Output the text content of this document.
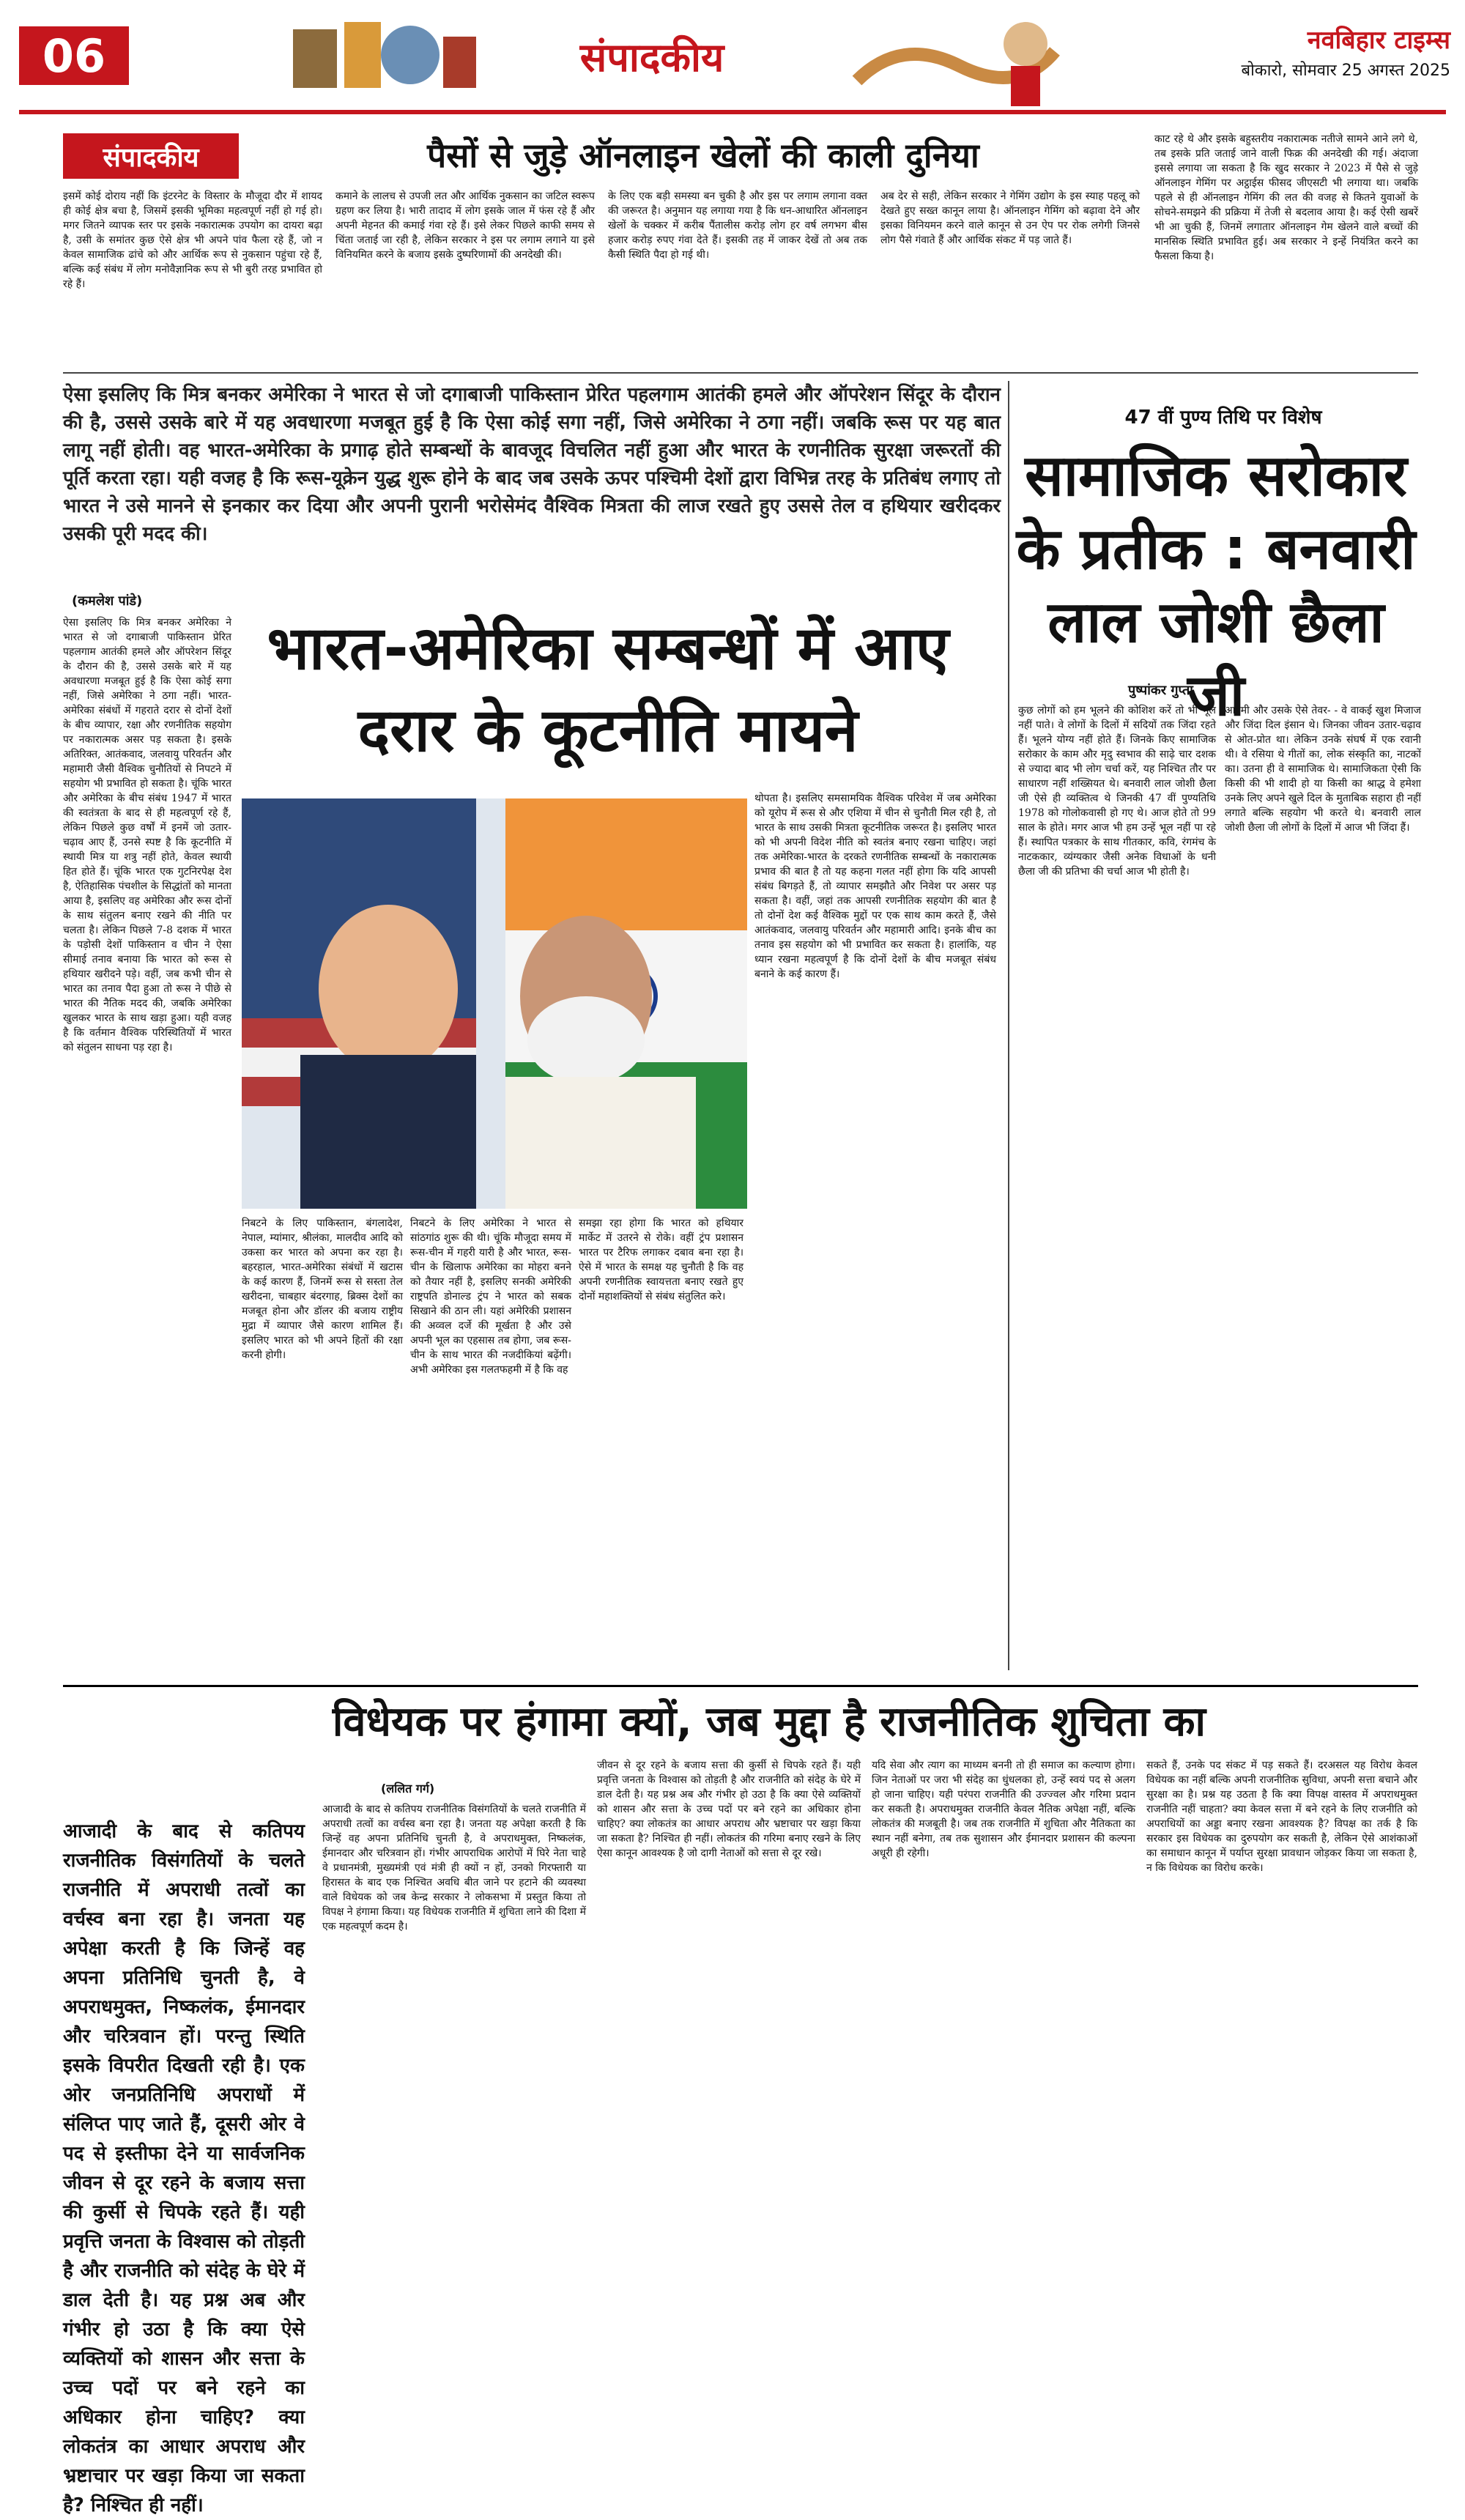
06	संपादकीय	नवबिहार टाइम्स
बोकारो, सोमवार 25 अगस्त 2025
संपादकीय	पैसों से जुड़े ऑनलाइन खेलों की काली दुनिया
इसमें कोई दोराय नहीं कि इंटरनेट के विस्तार के मौजूदा दौर में शायद ही कोई क्षेत्र बचा है, जिसमें इसकी भूमिका महत्वपूर्ण नहीं हो गई हो। मगर जितने व्यापक स्तर पर इसके नकारात्मक उपयोग का दायरा बढ़ा है, उसी के समांतर कुछ ऐसे क्षेत्र भी अपने पांव फैला रहे हैं, जो न केवल सामाजिक ढांचे को और आर्थिक रूप से नुकसान पहुंचा रहे हैं, बल्कि कई संबंध में लोग मनोवैज्ञानिक रूप से भी बुरी तरह प्रभावित हो रहे हैं।
कमाने के लालच से उपजी लत और आर्थिक नुकसान का जटिल स्वरूप ग्रहण कर लिया है। भारी तादाद में लोग इसके जाल में फंस रहे हैं और अपनी मेहनत की कमाई गंवा रहे हैं। इसे लेकर पिछले काफी समय से चिंता जताई जा रही है, लेकिन सरकार ने इस पर लगाम लगाने या इसे विनियमित करने के बजाय इसके दुष्परिणामों की अनदेखी की।
के लिए एक बड़ी समस्या बन चुकी है और इस पर लगाम लगाना वक्त की जरूरत है। अनुमान यह लगाया गया है कि धन-आधारित ऑनलाइन खेलों के चक्कर में करीब पैंतालीस करोड़ लोग हर वर्ष लगभग बीस हजार करोड़ रुपए गंवा देते हैं। इसकी तह में जाकर देखें तो अब तक कैसी स्थिति पैदा हो गई थी।
अब देर से सही, लेकिन सरकार ने गेमिंग उद्योग के इस स्याह पहलू को देखते हुए सख्त कानून लाया है। ऑनलाइन गेमिंग को बढ़ावा देने और इसका विनियमन करने वाले कानून से उन ऐप पर रोक लगेगी जिनसे लोग पैसे गंवाते हैं और आर्थिक संकट में पड़ जाते हैं।
काट रहे थे और इसके बहुस्तरीय नकारात्मक नतीजे सामने आने लगे थे, तब इसके प्रति जताई जाने वाली फिक्र की अनदेखी की गई। अंदाजा इससे लगाया जा सकता है कि खुद सरकार ने 2023 में पैसे से जुड़े ऑनलाइन गेमिंग पर अट्ठाईस फीसद जीएसटी भी लगाया था। जबकि पहले से ही ऑनलाइन गेमिंग की लत की वजह से कितने युवाओं के सोचने-समझने की प्रक्रिया में तेजी से बदलाव आया है। कई ऐसी खबरें भी आ चुकी हैं, जिनमें लगातार ऑनलाइन गेम खेलने वाले बच्चों की मानसिक स्थिति प्रभावित हुई। अब सरकार ने इन्हें नियंत्रित करने का फैसला किया है।
ऐसा इसलिए कि मित्र बनकर अमेरिका ने भारत से जो दगाबाजी पाकिस्तान प्रेरित पहलगाम आतंकी हमले और ऑपरेशन सिंदूर के दौरान की है, उससे उसके बारे में यह अवधारणा मजबूत हुई है कि ऐसा कोई सगा नहीं, जिसे अमेरिका ने ठगा नहीं। जबकि रूस पर यह बात लागू नहीं होती। वह भारत-अमेरिका के प्रगाढ़ होते सम्बन्धों के बावजूद विचलित नहीं हुआ और भारत के रणनीतिक सुरक्षा जरूरतों की पूर्ति करता रहा। यही वजह है कि रूस-यूक्रेन युद्ध शुरू होने के बाद जब उसके ऊपर पश्चिमी देशों द्वारा विभिन्न तरह के प्रतिबंध लगाए तो भारत ने उसे मानने से इनकार कर दिया और अपनी पुरानी भरोसेमंद वैश्विक मित्रता की लाज रखते हुए उससे तेल व हथियार खरीदकर उसकी पूरी मदद की।
(कमलेश पांडे)
भारत-अमेरिका सम्बन्धों में आए दरार के कूटनीति मायने
ऐसा इसलिए कि मित्र बनकर अमेरिका ने भारत से जो दगाबाजी पाकिस्तान प्रेरित पहलगाम आतंकी हमले और ऑपरेशन सिंदूर के दौरान की है, उससे उसके बारे में यह अवधारणा मजबूत हुई है कि ऐसा कोई सगा नहीं, जिसे अमेरिका ने ठगा नहीं। भारत-अमेरिका संबंधों में गहराते दरार से दोनों देशों के बीच व्यापार, रक्षा और रणनीतिक सहयोग पर नकारात्मक असर पड़ सकता है। इसके अतिरिक्त, आतंकवाद, जलवायु परिवर्तन और महामारी जैसी वैश्विक चुनौतियों से निपटने में सहयोग भी प्रभावित हो सकता है। चूंकि भारत और अमेरिका के बीच संबंध 1947 में भारत की स्वतंत्रता के बाद से ही महत्वपूर्ण रहे हैं, लेकिन पिछले कुछ वर्षों में इनमें जो उतार-चढ़ाव आए हैं, उनसे स्पष्ट है कि कूटनीति में स्थायी मित्र या शत्रु नहीं होते, केवल स्थायी हित होते हैं। चूंकि भारत एक गुटनिरपेक्ष देश है, ऐतिहासिक पंचशील के सिद्धांतों को मानता आया है, इसलिए वह अमेरिका और रूस दोनों के साथ संतुलन बनाए रखने की नीति पर चलता है। लेकिन पिछले 7-8 दशक में भारत के पड़ोसी देशों पाकिस्तान व चीन ने ऐसा सीमाई तनाव बनाया कि भारत को रूस से हथियार खरीदने पड़े। वहीं, जब कभी चीन से भारत का तनाव पैदा हुआ तो रूस ने पीछे से भारत की नैतिक मदद की, जबकि अमेरिका खुलकर भारत के साथ खड़ा हुआ। यही वजह है कि वर्तमान वैश्विक परिस्थितियों में भारत को संतुलन साधना पड़ रहा है।
निबटने के लिए पाकिस्तान, बंगलादेश, नेपाल, म्यांमार, श्रीलंका, मालदीव आदि को उकसा कर भारत को अपना कर रहा है। बहरहाल, भारत-अमेरिका संबंधों में खटास के कई कारण हैं, जिनमें रूस से सस्ता तेल खरीदना, चाबहार बंदरगाह, ब्रिक्स देशों का मजबूत होना और डॉलर की बजाय राष्ट्रीय मुद्रा में व्यापार जैसे कारण शामिल हैं। इसलिए भारत को भी अपने हितों की रक्षा करनी होगी।
निबटने के लिए अमेरिका ने भारत से सांठगांठ शुरू की थी। चूंकि मौजूदा समय में रूस-चीन में गहरी यारी है और भारत, रूस-चीन के खिलाफ अमेरिका का मोहरा बनने को तैयार नहीं है, इसलिए सनकी अमेरिकी राष्ट्रपति डोनाल्ड ट्रंप ने भारत को सबक सिखाने की ठान ली। यहां अमेरिकी प्रशासन की अव्वल दर्जे की मूर्खता है और उसे अपनी भूल का एहसास तब होगा, जब रूस-चीन के साथ भारत की नजदीकियां बढ़ेंगी। अभी अमेरिका इस गलतफहमी में है कि वह
समझा रहा होगा कि भारत को हथियार मार्केट में उतरने से रोके। वहीं ट्रंप प्रशासन भारत पर टैरिफ लगाकर दबाव बना रहा है। ऐसे में भारत के समक्ष यह चुनौती है कि वह अपनी रणनीतिक स्वायत्तता बनाए रखते हुए दोनों महाशक्तियों से संबंध संतुलित करे।
थोपता है। इसलिए समसामयिक वैश्विक परिवेश में जब अमेरिका को यूरोप में रूस से और एशिया में चीन से चुनौती मिल रही है, तो भारत के साथ उसकी मित्रता कूटनीतिक जरूरत है। इसलिए भारत को भी अपनी विदेश नीति को स्वतंत्र बनाए रखना चाहिए। जहां तक अमेरिका-भारत के दरकते रणनीतिक सम्बन्धों के नकारात्मक प्रभाव की बात है तो यह कहना गलत नहीं होगा कि यदि आपसी संबंध बिगड़ते हैं, तो व्यापार समझौते और निवेश पर असर पड़ सकता है। वहीं, जहां तक आपसी रणनीतिक सहयोग की बात है तो दोनों देश कई वैश्विक मुद्दों पर एक साथ काम करते हैं, जैसे आतंकवाद, जलवायु परिवर्तन और महामारी आदि। इनके बीच का तनाव इस सहयोग को भी प्रभावित कर सकता है। हालांकि, यह ध्यान रखना महत्वपूर्ण है कि दोनों देशों के बीच मजबूत संबंध बनाने के कई कारण हैं।
47 वीं पुण्य तिथि पर विशेष
सामाजिक सरोकार के प्रतीक : बनवारी लाल जोशी छैला जी
पुष्पांकर गुप्ता
कुछ लोगों को हम भूलने की कोशिश करें तो भी भूल नहीं पाते। वे लोगों के दिलों में सदियों तक जिंदा रहते हैं। भूलने योग्य नहीं होते हैं। जिनके किए सामाजिक सरोकार के काम और मृदु स्वभाव की साढ़े चार दशक से ज्यादा बाद भी लोग चर्चा करें, यह निश्चित तौर पर साधारण नहीं शख्सियत थे। बनवारी लाल जोशी छैला जी ऐसे ही व्यक्तित्व थे जिनकी 47 वीं पुण्यतिथि 1978 को गोलोकवासी हो गए थे। आज होते तो 99 साल के होते। मगर आज भी हम उन्हें भूल नहीं पा रहे हैं। स्थापित पत्रकार के साथ गीतकार, कवि, रंगमंच के नाटककार, व्यंग्यकार जैसी अनेक विधाओं के धनी छैला जी की प्रतिभा की चर्चा आज भी होती है।
आदमी और उसके ऐसे तेवर- - वे वाकई खुश मिजाज और जिंदा दिल इंसान थे। जिनका जीवन उतार-चढ़ाव से ओत-प्रोत था। लेकिन उनके संघर्ष में एक रवानी थी। वे रसिया थे गीतों का, लोक संस्कृति का, नाटकों का। उतना ही वे सामाजिक थे। सामाजिकता ऐसी कि किसी की भी शादी हो या किसी का श्राद्ध वे हमेशा उनके लिए अपने खुले दिल के मुताबिक सहारा ही नहीं लगाते बल्कि सहयोग भी करते थे। बनवारी लाल जोशी छैला जी लोगों के दिलों में आज भी जिंदा हैं।
विधेयक पर हंगामा क्यों, जब मुद्दा है राजनीतिक शुचिता का
आजादी के बाद से कतिपय राजनीतिक विसंगतियों के चलते राजनीति में अपराधी तत्वों का वर्चस्व बना रहा है। जनता यह अपेक्षा करती है कि जिन्हें वह अपना प्रतिनिधि चुनती है, वे अपराधमुक्त, निष्कलंक, ईमानदार और चरित्रवान हों। परन्तु स्थिति इसके विपरीत दिखती रही है। एक ओर जनप्रतिनिधि अपराधों में संलिप्त पाए जाते हैं, दूसरी ओर वे पद से इस्तीफा देने या सार्वजनिक जीवन से दूर रहने के बजाय सत्ता की कुर्सी से चिपके रहते हैं। यही प्रवृत्ति जनता के विश्वास को तोड़ती है और राजनीति को संदेह के घेरे में डाल देती है। यह प्रश्न अब और गंभीर हो उठा है कि क्या ऐसे व्यक्तियों को शासन और सत्ता के उच्च पदों पर बने रहने का अधिकार होना चाहिए? क्या लोकतंत्र का आधार अपराध और भ्रष्टाचार पर खड़ा किया जा सकता है? निश्चित ही नहीं।
(ललित गर्ग)
आजादी के बाद से कतिपय राजनीतिक विसंगतियों के चलते राजनीति में अपराधी तत्वों का वर्चस्व बना रहा है। जनता यह अपेक्षा करती है कि जिन्हें वह अपना प्रतिनिधि चुनती है, वे अपराधमुक्त, निष्कलंक, ईमानदार और चरित्रवान हों। गंभीर आपराधिक आरोपों में घिरे नेता चाहे वे प्रधानमंत्री, मुख्यमंत्री एवं मंत्री ही क्यों न हों, उनको गिरफ्तारी या हिरासत के बाद एक निश्चित अवधि बीत जाने पर हटाने की व्यवस्था वाले विधेयक को जब केन्द्र सरकार ने लोकसभा में प्रस्तुत किया तो विपक्ष ने हंगामा किया। यह विधेयक राजनीति में शुचिता लाने की दिशा में एक महत्वपूर्ण कदम है।
जीवन से दूर रहने के बजाय सत्ता की कुर्सी से चिपके रहते हैं। यही प्रवृत्ति जनता के विश्वास को तोड़ती है और राजनीति को संदेह के घेरे में डाल देती है। यह प्रश्न अब और गंभीर हो उठा है कि क्या ऐसे व्यक्तियों को शासन और सत्ता के उच्च पदों पर बने रहने का अधिकार होना चाहिए? क्या लोकतंत्र का आधार अपराध और भ्रष्टाचार पर खड़ा किया जा सकता है? निश्चित ही नहीं। लोकतंत्र की गरिमा बनाए रखने के लिए ऐसा कानून आवश्यक है जो दागी नेताओं को सत्ता से दूर रखे।
यदि सेवा और त्याग का माध्यम बननी तो ही समाज का कल्याण होगा। जिन नेताओं पर जरा भी संदेह का धुंधलका हो, उन्हें स्वयं पद से अलग हो जाना चाहिए। यही परंपरा राजनीति की उज्ज्वल और गरिमा प्रदान कर सकती है। अपराधमुक्त राजनीति केवल नैतिक अपेक्षा नहीं, बल्कि लोकतंत्र की मजबूती है। जब तक राजनीति में शुचिता और नैतिकता का स्थान नहीं बनेगा, तब तक सुशासन और ईमानदार प्रशासन की कल्पना अधूरी ही रहेगी।
सकते हैं, उनके पद संकट में पड़ सकते हैं। दरअसल यह विरोध केवल विधेयक का नहीं बल्कि अपनी राजनीतिक सुविधा, अपनी सत्ता बचाने और सुरक्षा का है। प्रश्न यह उठता है कि क्या विपक्ष वास्तव में अपराधमुक्त राजनीति नहीं चाहता? क्या केवल सत्ता में बने रहने के लिए राजनीति को अपराधियों का अड्डा बनाए रखना आवश्यक है? विपक्ष का तर्क है कि सरकार इस विधेयक का दुरुपयोग कर सकती है, लेकिन ऐसे आशंकाओं का समाधान कानून में पर्याप्त सुरक्षा प्रावधान जोड़कर किया जा सकता है, न कि विधेयक का विरोध करके।
